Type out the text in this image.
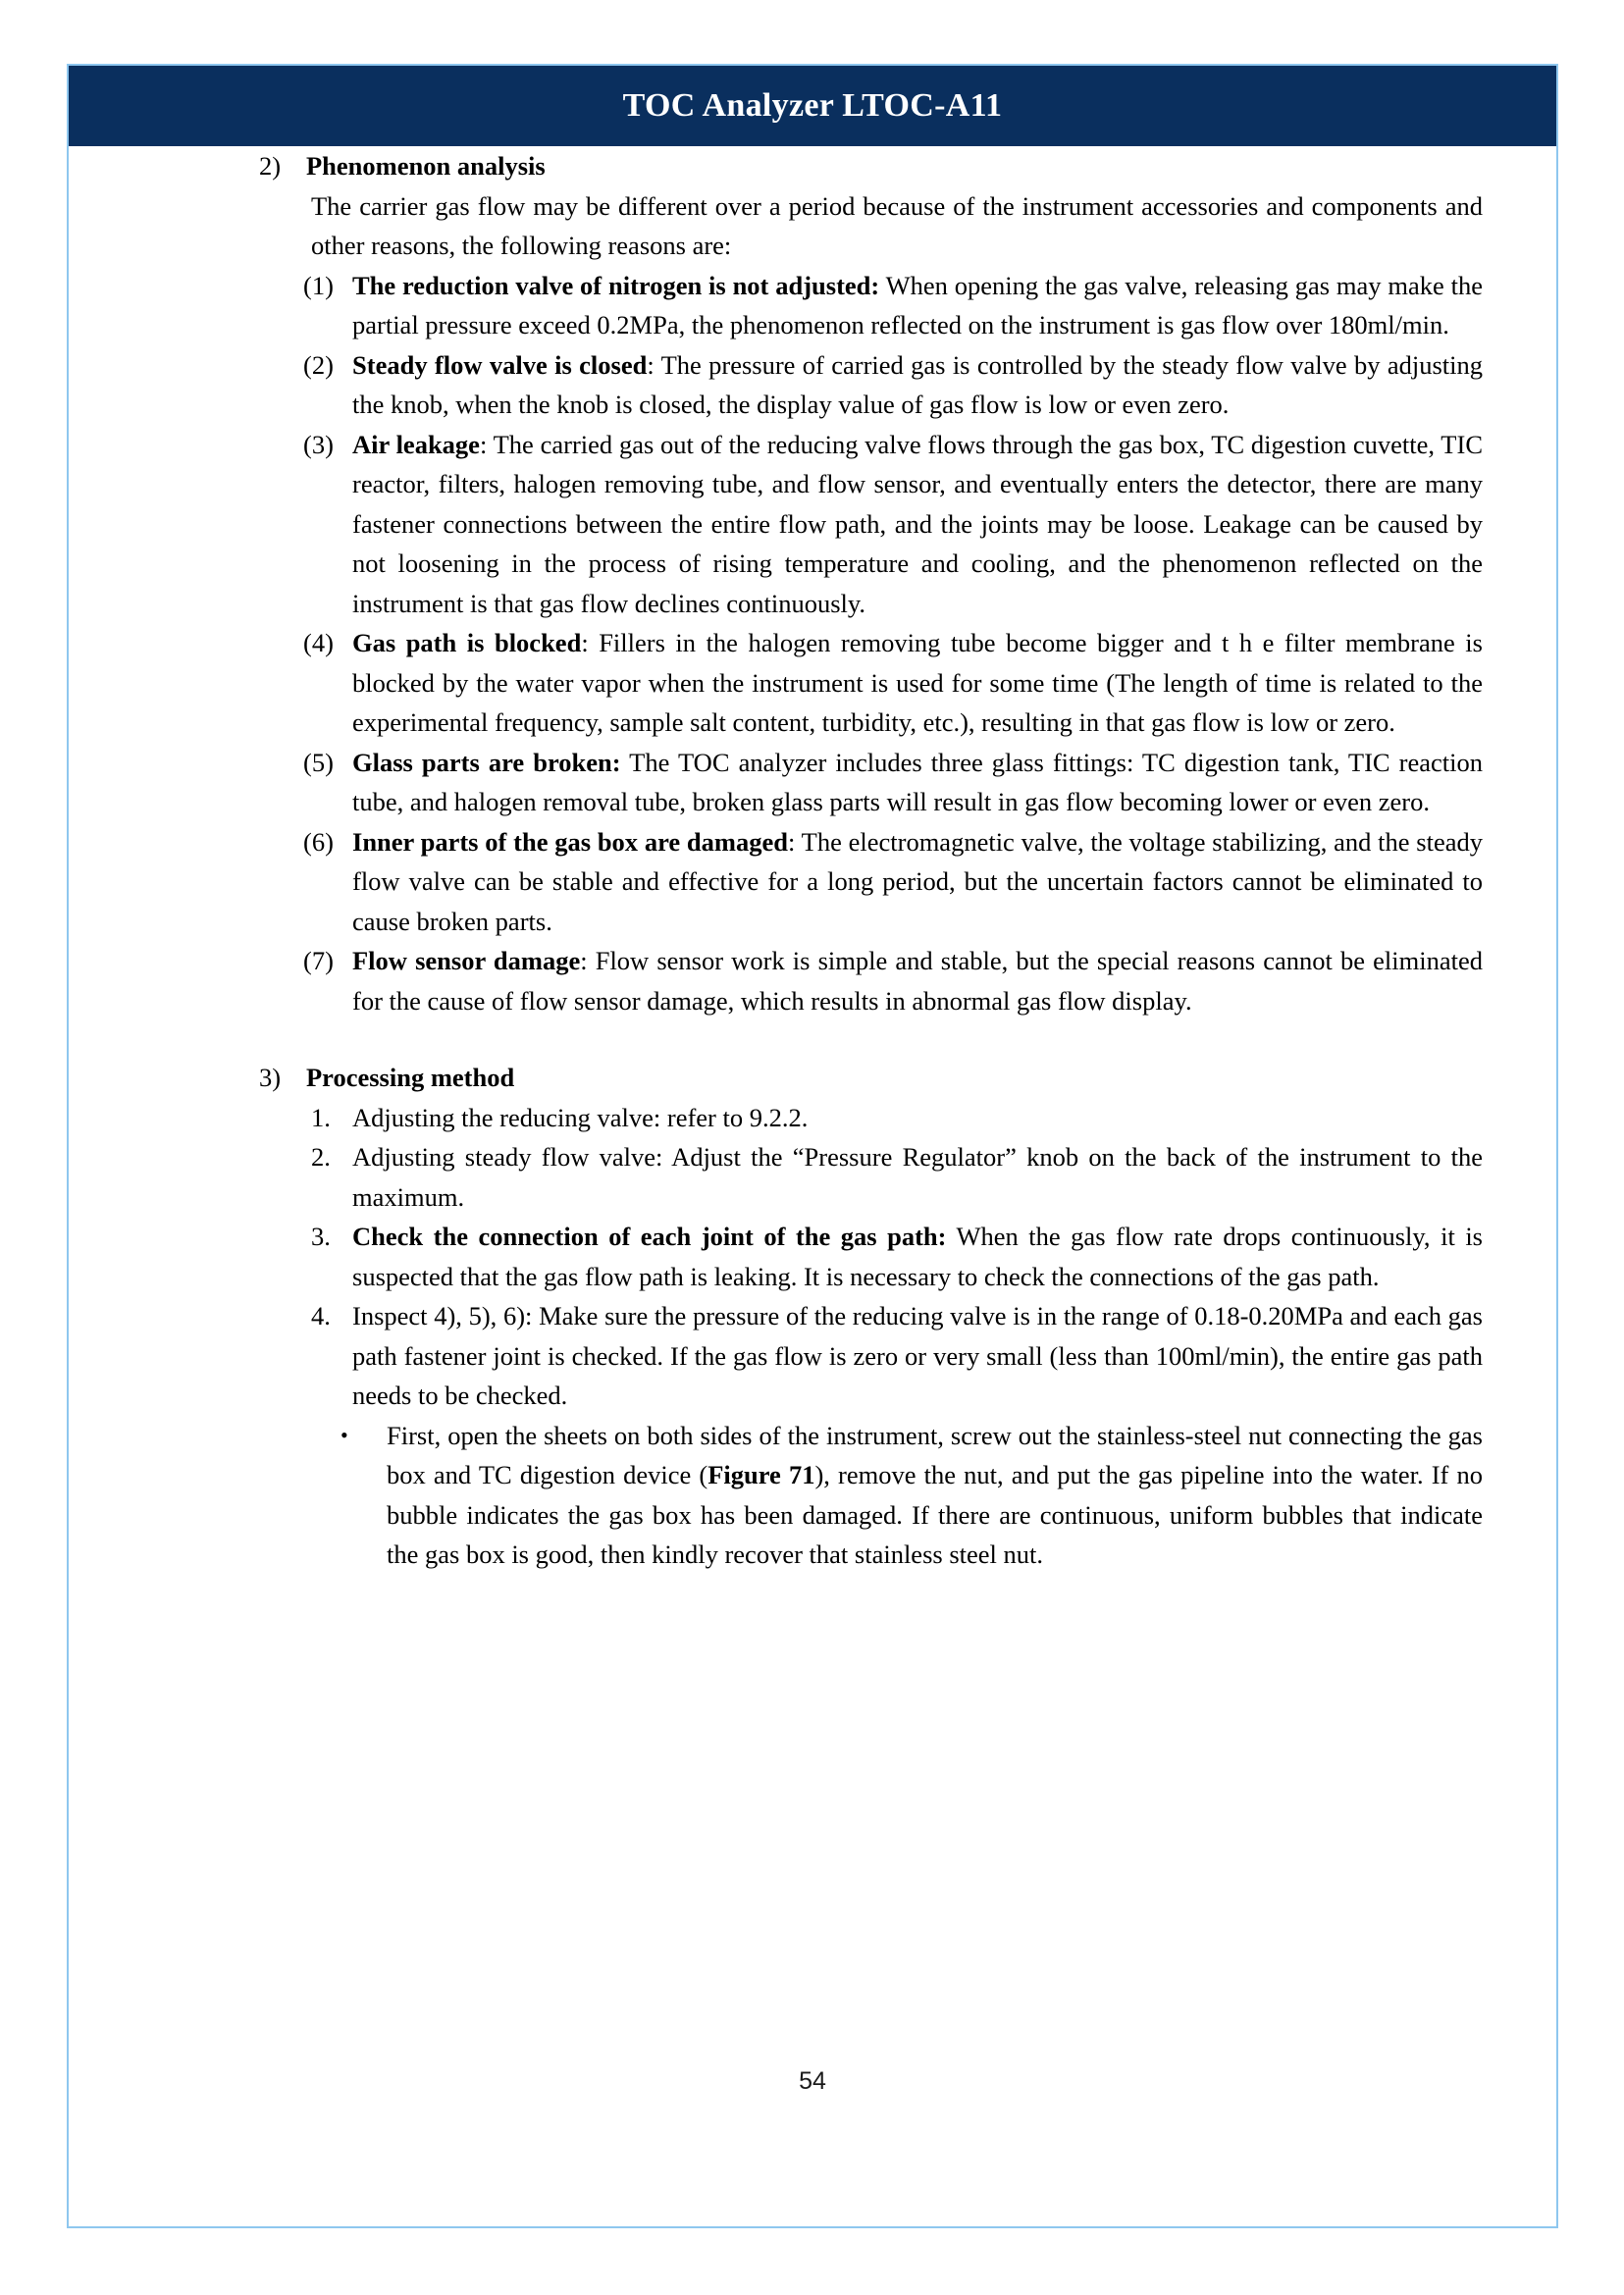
TOC Analyzer LTOC-A11
2) Phenomenon analysis
The carrier gas flow may be different over a period because of the instrument accessories and components and other reasons, the following reasons are:
(1) The reduction valve of nitrogen is not adjusted: When opening the gas valve, releasing gas may make the partial pressure exceed 0.2MPa, the phenomenon reflected on the instrument is gas flow over 180ml/min.
(2) Steady flow valve is closed: The pressure of carried gas is controlled by the steady flow valve by adjusting the knob, when the knob is closed, the display value of gas flow is low or even zero.
(3) Air leakage: The carried gas out of the reducing valve flows through the gas box, TC digestion cuvette, TIC reactor, filters, halogen removing tube, and flow sensor, and eventually enters the detector, there are many fastener connections between the entire flow path, and the joints may be loose. Leakage can be caused by not loosening in the process of rising temperature and cooling, and the phenomenon reflected on the instrument is that gas flow declines continuously.
(4) Gas path is blocked: Fillers in the halogen removing tube become bigger and t h e filter membrane is blocked by the water vapor when the instrument is used for some time (The length of time is related to the experimental frequency, sample salt content, turbidity, etc.), resulting in that gas flow is low or zero.
(5) Glass parts are broken: The TOC analyzer includes three glass fittings: TC digestion tank, TIC reaction tube, and halogen removal tube, broken glass parts will result in gas flow becoming lower or even zero.
(6) Inner parts of the gas box are damaged: The electromagnetic valve, the voltage stabilizing, and the steady flow valve can be stable and effective for a long period, but the uncertain factors cannot be eliminated to cause broken parts.
(7) Flow sensor damage: Flow sensor work is simple and stable, but the special reasons cannot be eliminated for the cause of flow sensor damage, which results in abnormal gas flow display.
3) Processing method
1. Adjusting the reducing valve: refer to 9.2.2.
2. Adjusting steady flow valve: Adjust the “Pressure Regulator” knob on the back of the instrument to the maximum.
3. Check the connection of each joint of the gas path: When the gas flow rate drops continuously, it is suspected that the gas flow path is leaking. It is necessary to check the connections of the gas path.
4. Inspect 4), 5), 6): Make sure the pressure of the reducing valve is in the range of 0.18-0.20MPa and each gas path fastener joint is checked. If the gas flow is zero or very small (less than 100ml/min), the entire gas path needs to be checked.
• First, open the sheets on both sides of the instrument, screw out the stainless-steel nut connecting the gas box and TC digestion device (Figure 71), remove the nut, and put the gas pipeline into the water. If no bubble indicates the gas box has been damaged. If there are continuous, uniform bubbles that indicate the gas box is good, then kindly recover that stainless steel nut.
54
